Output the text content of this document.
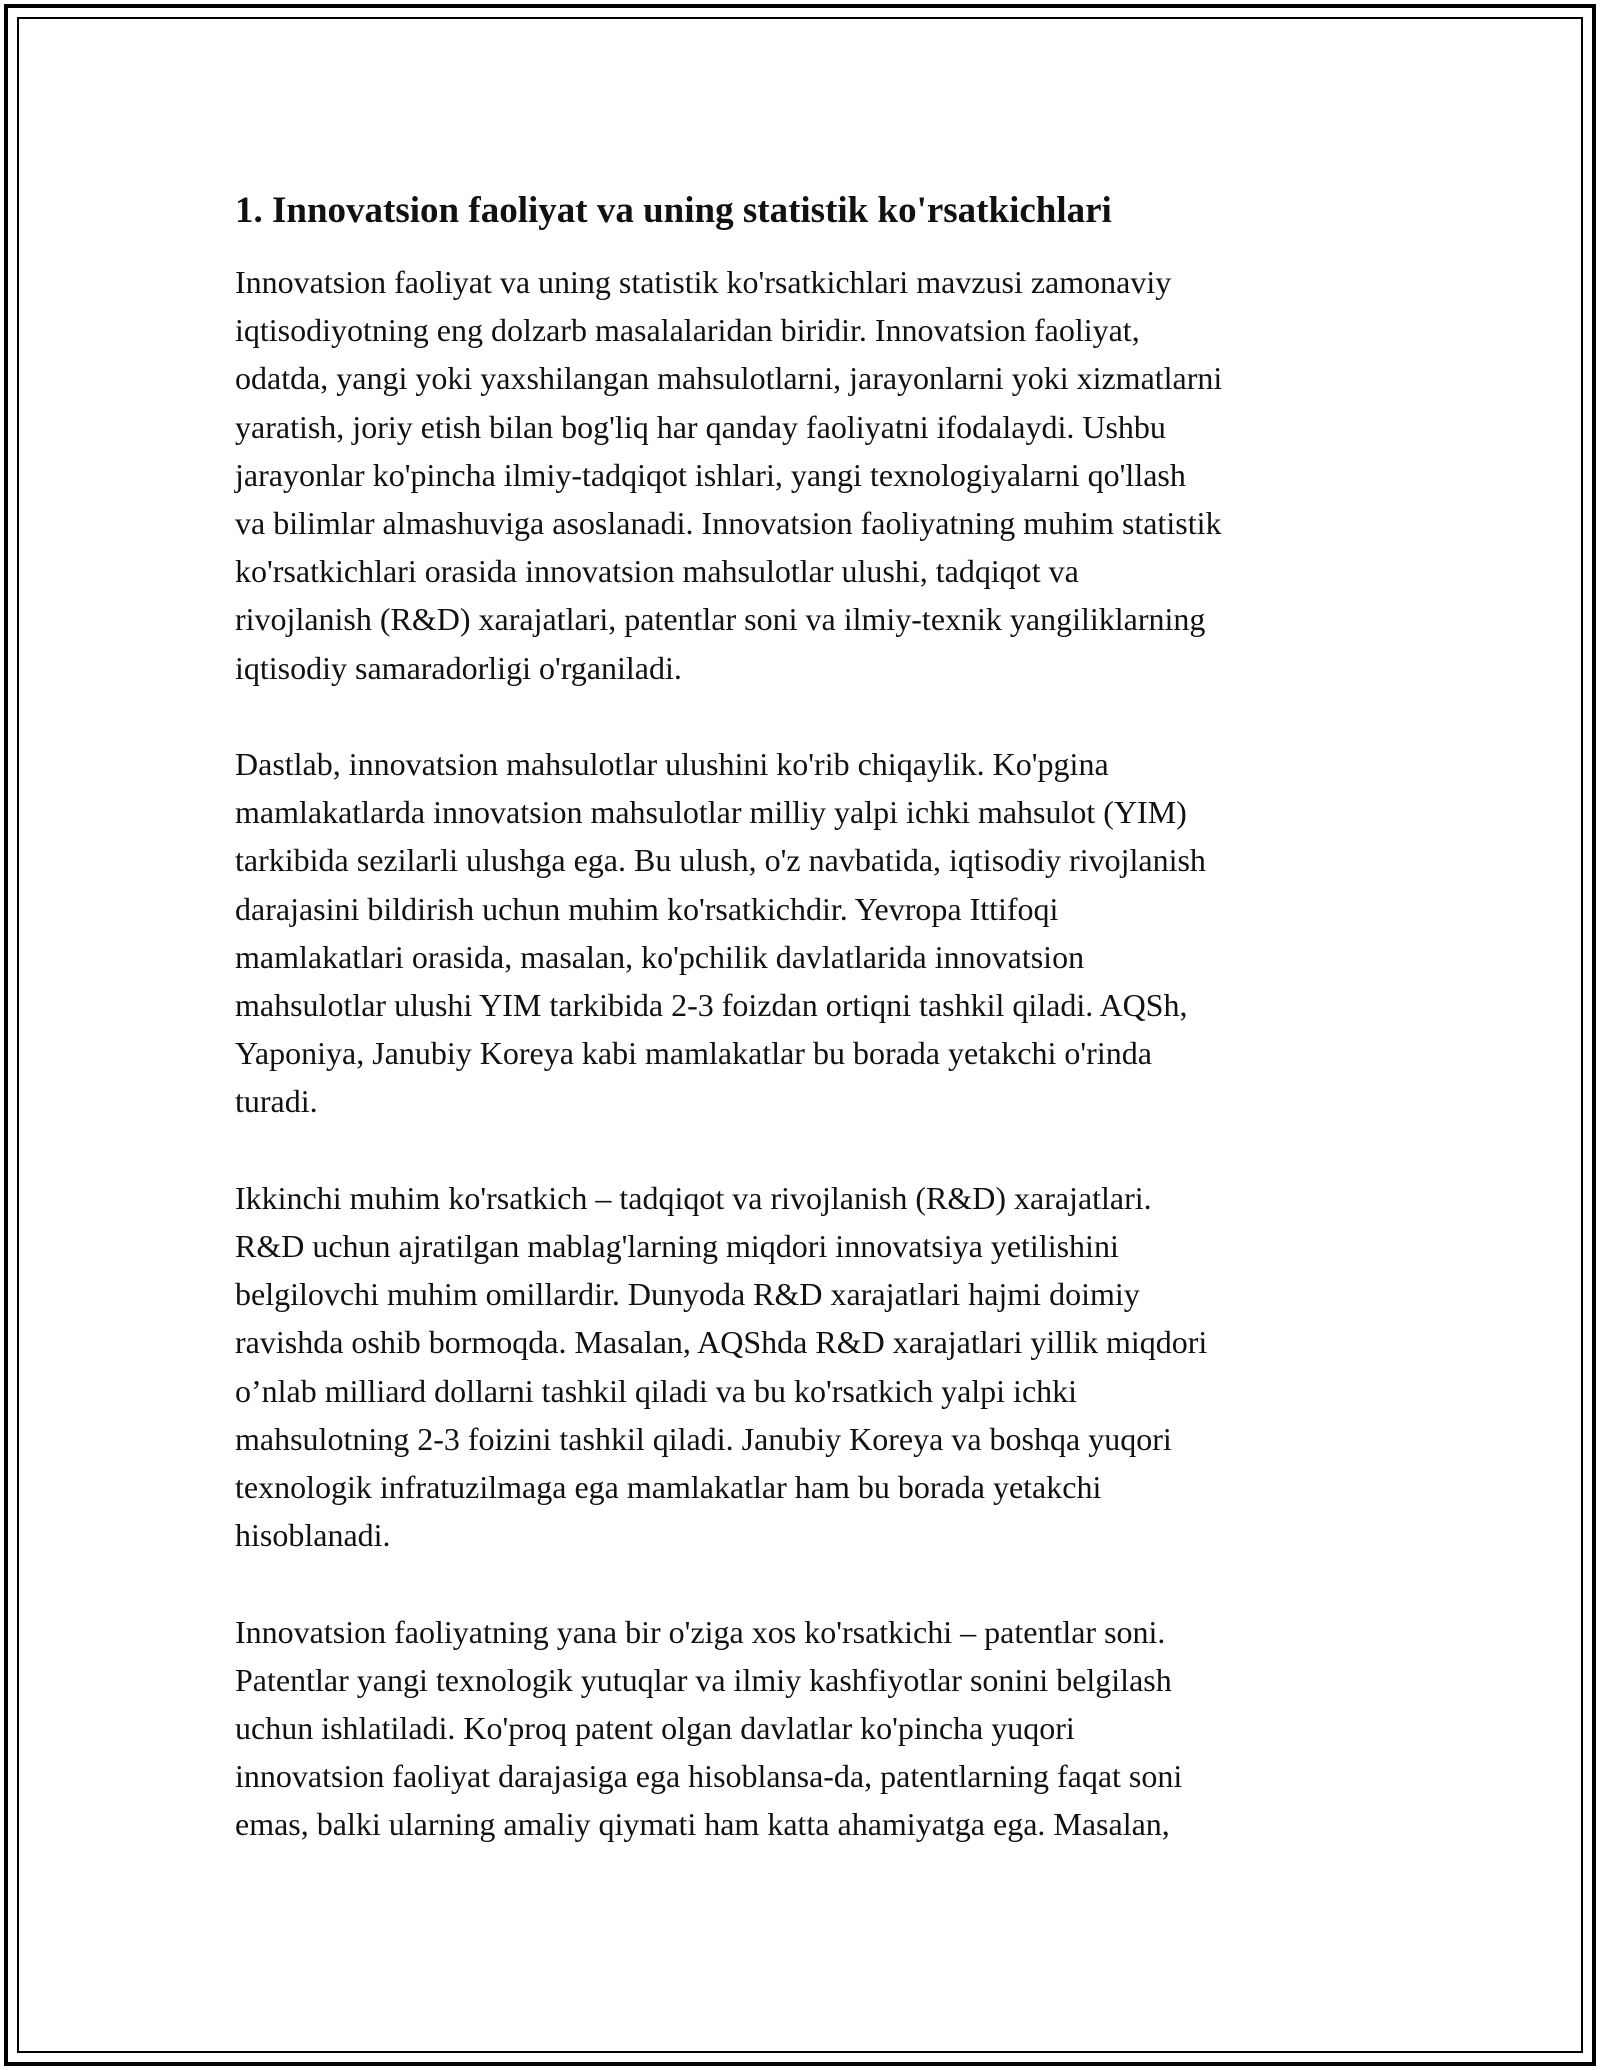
1. Innovatsion faoliyat va uning statistik ko'rsatkichlari
Innovatsion faoliyat va uning statistik ko'rsatkichlari mavzusi zamonaviy
iqtisodiyotning eng dolzarb masalalaridan biridir. Innovatsion faoliyat,
odatda, yangi yoki yaxshilangan mahsulotlarni, jarayonlarni yoki xizmatlarni
yaratish, joriy etish bilan bog'liq har qanday faoliyatni ifodalaydi. Ushbu
jarayonlar ko'pincha ilmiy-tadqiqot ishlari, yangi texnologiyalarni qo'llash
va bilimlar almashuviga asoslanadi. Innovatsion faoliyatning muhim statistik
ko'rsatkichlari orasida innovatsion mahsulotlar ulushi, tadqiqot va
rivojlanish (R&D) xarajatlari, patentlar soni va ilmiy-texnik yangiliklarning
iqtisodiy samaradorligi o'rganiladi.
Dastlab, innovatsion mahsulotlar ulushini ko'rib chiqaylik. Ko'pgina
mamlakatlarda innovatsion mahsulotlar milliy yalpi ichki mahsulot (YIM)
tarkibida sezilarli ulushga ega. Bu ulush, o'z navbatida, iqtisodiy rivojlanish
darajasini bildirish uchun muhim ko'rsatkichdir. Yevropa Ittifoqi
mamlakatlari orasida, masalan, ko'pchilik davlatlarida innovatsion
mahsulotlar ulushi YIM tarkibida 2-3 foizdan ortiqni tashkil qiladi. AQSh,
Yaponiya, Janubiy Koreya kabi mamlakatlar bu borada yetakchi o'rinda
turadi.
Ikkinchi muhim ko'rsatkich – tadqiqot va rivojlanish (R&D) xarajatlari.
R&D uchun ajratilgan mablag'larning miqdori innovatsiya yetilishini
belgilovchi muhim omillardir. Dunyoda R&D xarajatlari hajmi doimiy
ravishda oshib bormoqda. Masalan, AQShda R&D xarajatlari yillik miqdori
o’nlab milliard dollarni tashkil qiladi va bu ko'rsatkich yalpi ichki
mahsulotning 2-3 foizini tashkil qiladi. Janubiy Koreya va boshqa yuqori
texnologik infratuzilmaga ega mamlakatlar ham bu borada yetakchi
hisoblanadi.
Innovatsion faoliyatning yana bir o'ziga xos ko'rsatkichi – patentlar soni.
Patentlar yangi texnologik yutuqlar va ilmiy kashfiyotlar sonini belgilash
uchun ishlatiladi. Ko'proq patent olgan davlatlar ko'pincha yuqori
innovatsion faoliyat darajasiga ega hisoblansa-da, patentlarning faqat soni
emas, balki ularning amaliy qiymati ham katta ahamiyatga ega. Masalan,
